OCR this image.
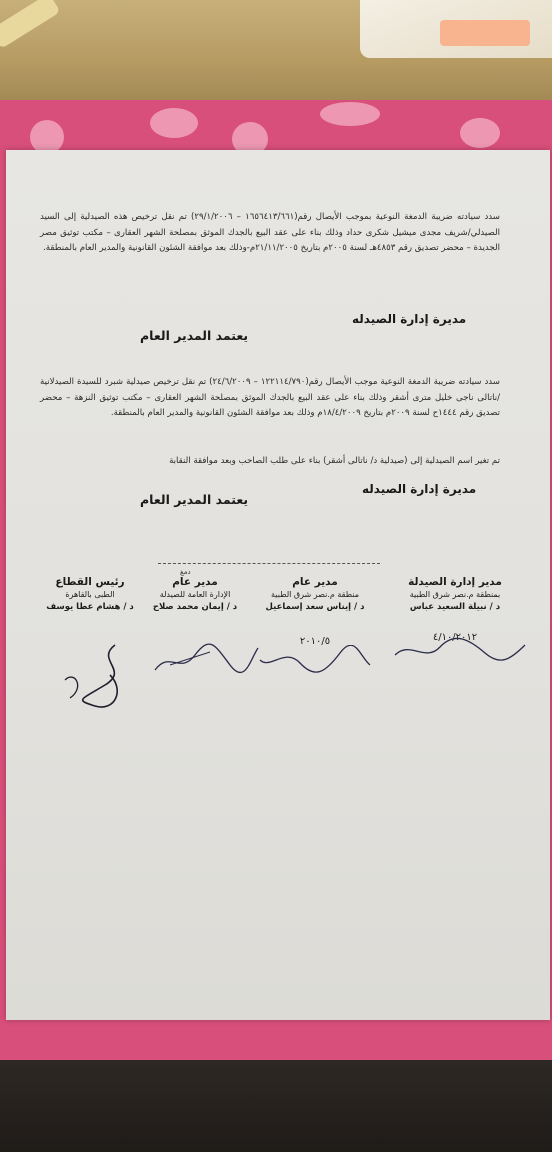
سدد سيادته ضريبة الدمغة النوعية بموجب الأيصال رقم(١٦٥٦٤١٣/٦٦١ – ٢٩/١/٢٠٠٦) تم نقل ترخيص هذه الصيدلية إلى السيد الصيدلي/شريف مجدى ميشيل شكرى حداد وذلك بناء على عقد البيع بالجدك الموثق بمصلحة الشهر العقارى – مكتب توثيق مصر الجديدة – محضر تصديق رقم ٤٨٥٣هـ لسنة ٢٠٠٥م بتاريخ ٢١/١١/٢٠٠٥م-وذلك بعد موافقة الشئون القانونية والمدير العام بالمنطقة.
مديرة إدارة الصيدله
يعتمد المدير العام
سدد سيادته ضريبة الدمغة النوعية موجب الأيصال رقم(١٢٢١١٤/٧٩٠ – ٢٤/٦/٢٠٠٩) تم نقل ترخيص صيدلية شبرد للسيدة الصيدلانية /ناتالى ناجى خليل مترى أشقر وذلك بناء على عقد البيع بالجدك الموثق بمصلحة الشهر العقارى – مكتب توثيق النزهة – محضر تصديق رقم ١٤٤٤ح لسنة ٢٠٠٩م بتاريخ ١٨/٤/٢٠٠٩م وذلك بعد موافقة الشئون القانونية والمدير العام بالمنطقة.
تم تغير اسم الصيدلية إلى (صيدلية د/ ناتالى أشقر) بناء على طلب الصاحب وبعد موافقة النقابة
مديرة إدارة الصيدله
يعتمد المدير العام
دمغ
مدير إدارة الصيدلة
بمنطقة م.نصر شرق الطبية
د / نبيلة السعيد عباس
٤/١٠/٢٠١٢
مدير عام
منطقة م.نصر شرق الطبية
د / إيناس سعد إسماعيل
٢٠١٠/٥
مدير عام
الإدارة العامة للصيدلة
د / إيمان محمد صلاح
رئيس القطاع
الطبى بالقاهرة
د / هشام عطا يوسف
